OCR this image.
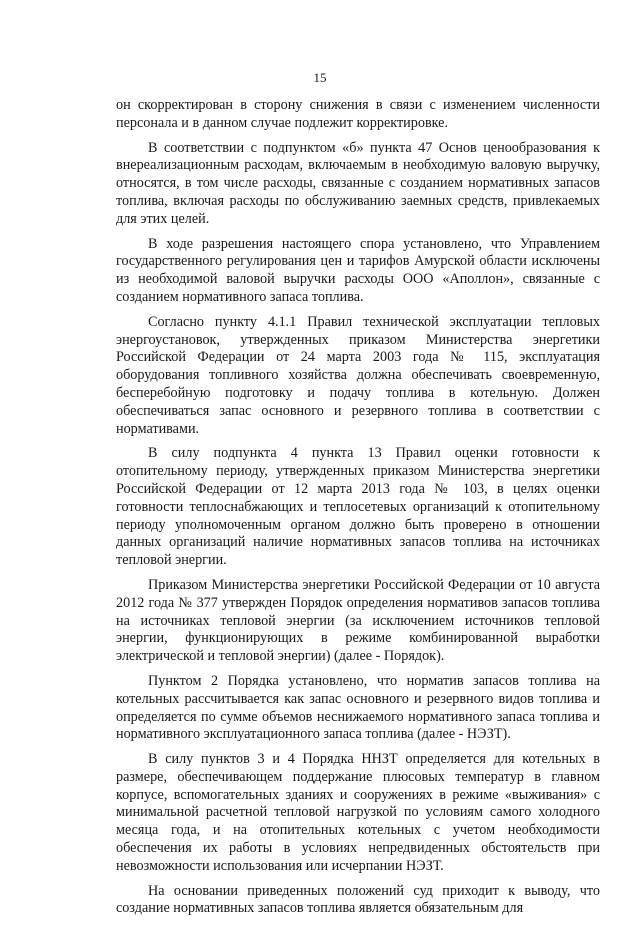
15

он скорректирован в сторону снижения в связи с изменением численности персонала и в данном случае подлежит корректировке.

В соответствии с подпунктом «б» пункта 47 Основ ценообразования к внереализационным расходам, включаемым в необходимую валовую выручку, относятся, в том числе расходы, связанные с созданием нормативных запасов топлива, включая расходы по обслуживанию заемных средств, привлекаемых для этих целей.

В ходе разрешения настоящего спора установлено, что Управлением государственного регулирования цен и тарифов Амурской области исключены из необходимой валовой выручки расходы ООО «Аполлон», связанные с созданием нормативного запаса топлива.

Согласно пункту 4.1.1 Правил технической эксплуатации тепловых энергоустановок, утвержденных приказом Министерства энергетики Российской Федерации от 24 марта 2003 года № 115, эксплуатация оборудования топливного хозяйства должна обеспечивать своевременную, бесперебойную подготовку и подачу топлива в котельную. Должен обеспечиваться запас основного и резервного топлива в соответствии с нормативами.

В силу подпункта 4 пункта 13 Правил оценки готовности к отопительному периоду, утвержденных приказом Министерства энергетики Российской Федерации от 12 марта 2013 года № 103, в целях оценки готовности теплоснабжающих и теплосетевых организаций к отопительному периоду уполномоченным органом должно быть проверено в отношении данных организаций наличие нормативных запасов топлива на источниках тепловой энергии.

Приказом Министерства энергетики Российской Федерации от 10 августа 2012 года № 377 утвержден Порядок определения нормативов запасов топлива на источниках тепловой энергии (за исключением источников тепловой энергии, функционирующих в режиме комбинированной выработки электрической и тепловой энергии) (далее - Порядок).

Пунктом 2 Порядка установлено, что норматив запасов топлива на котельных рассчитывается как запас основного и резервного видов топлива и определяется по сумме объемов неснижаемого нормативного запаса топлива и нормативного эксплуатационного запаса топлива (далее - НЭЗТ).

В силу пунктов 3 и 4 Порядка ННЗТ определяется для котельных в размере, обеспечивающем поддержание плюсовых температур в главном корпусе, вспомогательных зданиях и сооружениях в режиме «выживания» с минимальной расчетной тепловой нагрузкой по условиям самого холодного месяца года, и на отопительных котельных с учетом необходимости обеспечения их работы в условиях непредвиденных обстоятельств при невозможности использования или исчерпании НЭЗТ.

На основании приведенных положений суд приходит к выводу, что создание нормативных запасов топлива является обязательным для
